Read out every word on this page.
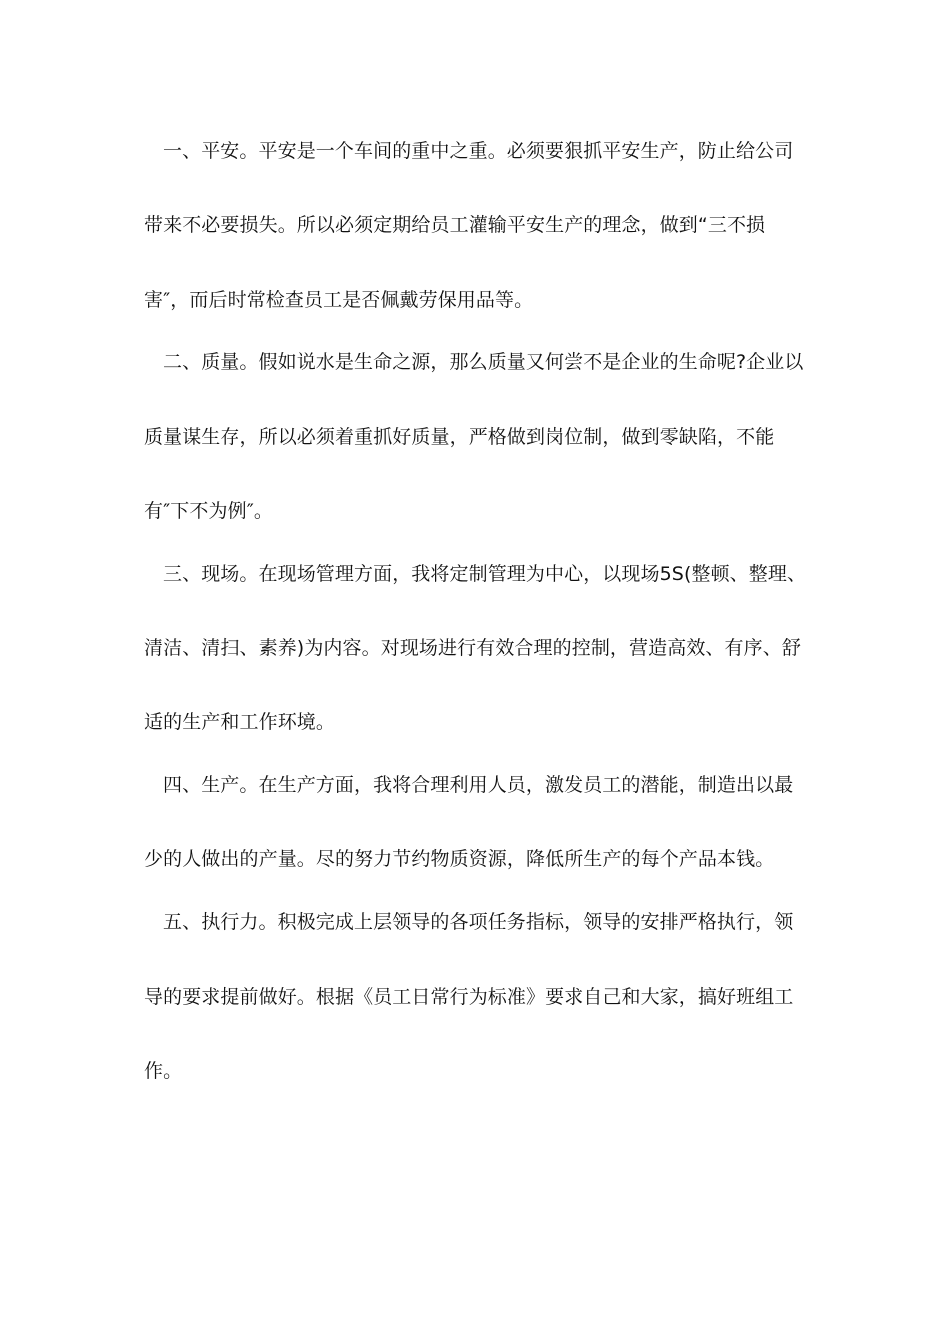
一、平安。平安是一个车间的重中之重。必须要狠抓平安生产，防止给公司
带来不必要损失。所以必须定期给员工灌输平安生产的理念，做到“三不损
害″，而后时常检查员工是否佩戴劳保用品等。
二、质量。假如说水是生命之源，那么质量又何尝不是企业的生命呢?企业以
质量谋生存，所以必须着重抓好质量，严格做到岗位制，做到零缺陷，不能
有″下不为例″。
三、现场。在现场管理方面，我将定制管理为中心，以现场5S(整顿、整理、
清洁、清扫、素养)为内容。对现场进行有效合理的控制，营造高效、有序、舒
适的生产和工作环境。
四、生产。在生产方面，我将合理利用人员，激发员工的潜能，制造出以最
少的人做出的产量。尽的努力节约物质资源，降低所生产的每个产品本钱。
五、执行力。积极完成上层领导的各项任务指标，领导的安排严格执行，领
导的要求提前做好。根据《员工日常行为标准》要求自己和大家，搞好班组工
作。
